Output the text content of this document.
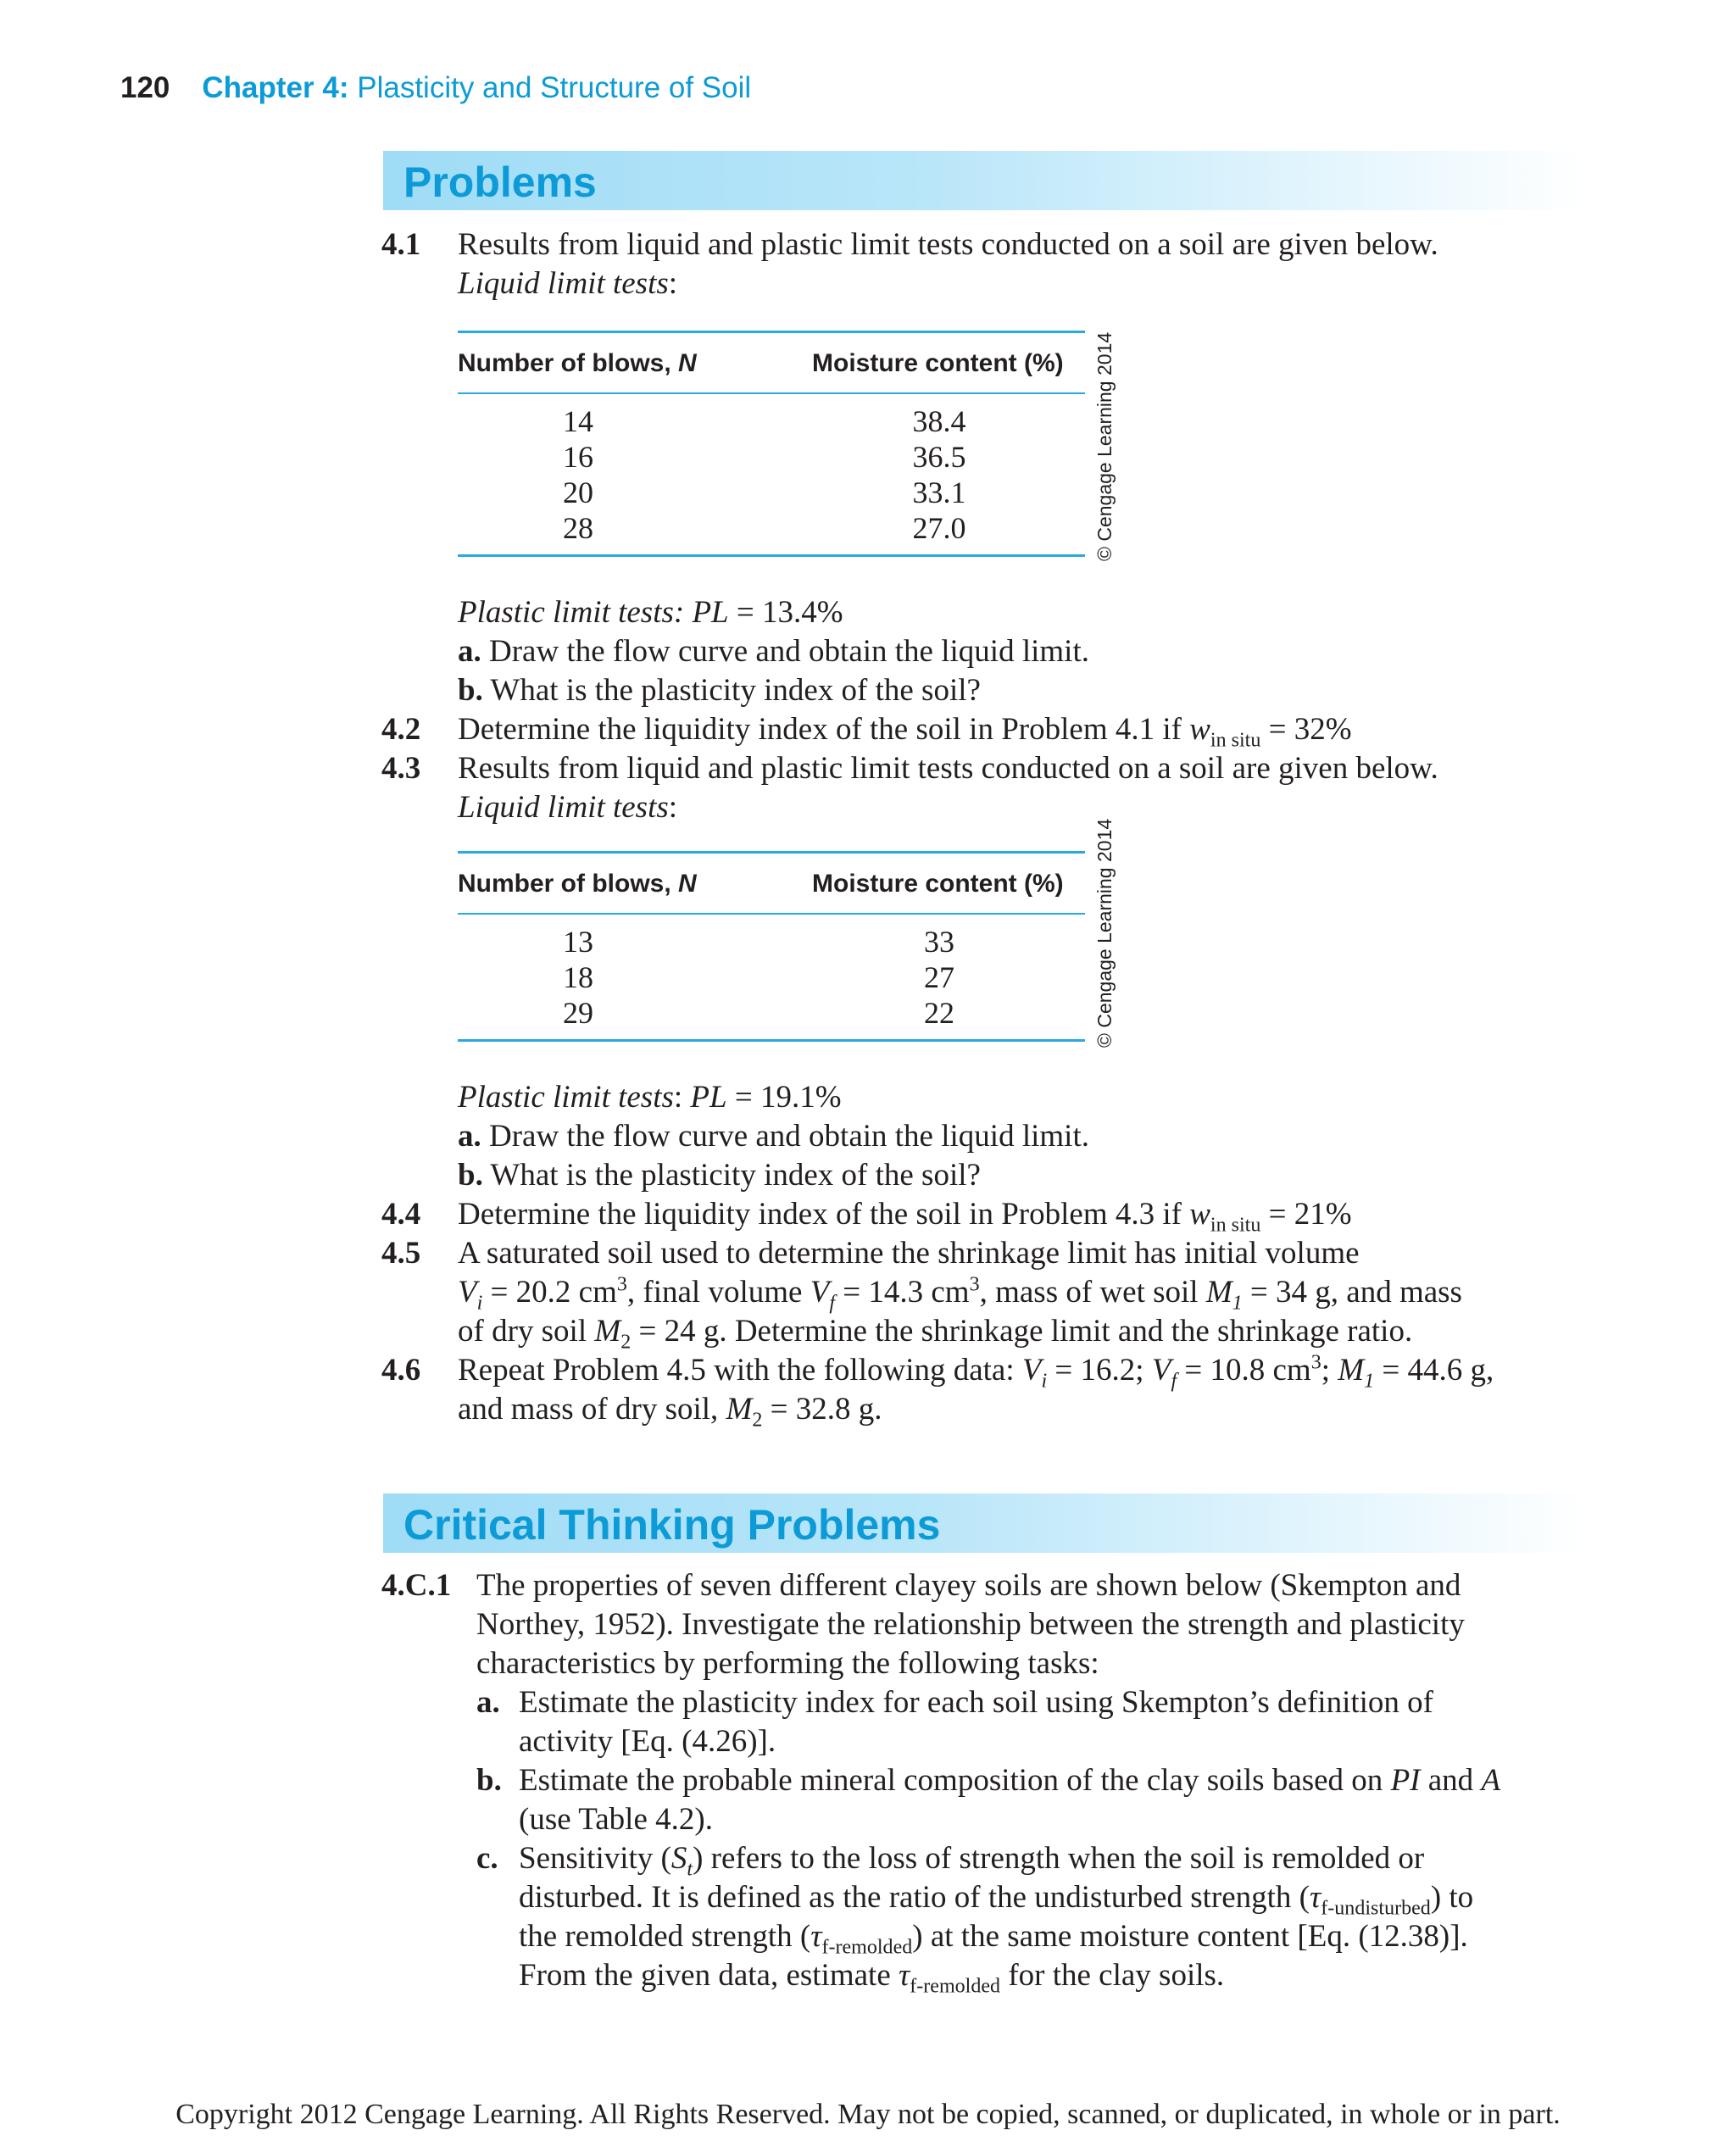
120 Chapter 4: Plasticity and Structure of Soil
Problems
4.1 Results from liquid and plastic limit tests conducted on a soil are given below.
Liquid limit tests:
Number of blows, N	Moisture content (%)
14	38.4
16	36.5
20	33.1
28	27.0	© Cengage Learning 2014
Plastic limit tests: PL = 13.4%
a. Draw the flow curve and obtain the liquid limit.
b. What is the plasticity index of the soil?
4.2 Determine the liquidity index of the soil in Problem 4.1 if $w_{in situ} = 32\%$
4.3 Results from liquid and plastic limit tests conducted on a soil are given below.
Liquid limit tests:
Number of blows, N	Moisture content (%)
13	33
18	27
29	22	© Cengage Learning 2014
Plastic limit tests: PL = 19.1%
a. Draw the flow curve and obtain the liquid limit.
b. What is the plasticity index of the soil?
4.4 Determine the liquidity index of the soil in Problem 4.3 if $w_{in situ} = 21\%$
4.5 A saturated soil used to determine the shrinkage limit has initial volume
$V_i = 20.2$ $cm^3$, final volume $V_f = 14.3$ $cm^3$, mass of wet soil $M_1 = 34$ g, and mass
of dry soil $M_2 = 24$ g. Determine the shrinkage limit and the shrinkage ratio.
4.6 Repeat Problem 4.5 with the following data: $V_i = 16.2$; $V_f = 10.8$ $cm^3$; $M_1 = 44.6$ g,
and mass of dry soil, $M_2 = 32.8$ g.
Critical Thinking Problems
4.C.1 The properties of seven different clayey soils are shown below (Skempton and
Northey, 1952). Investigate the relationship between the strength and plasticity
characteristics by performing the following tasks:
a. Estimate the plasticity index for each soil using Skempton’s definition of
activity [Eq. (4.26)].
b. Estimate the probable mineral composition of the clay soils based on PI and A
(use Table 4.2).
c. Sensitivity $(S_t)$ refers to the loss of strength when the soil is remolded or
disturbed. It is defined as the ratio of the undisturbed strength $(\tau_{f-undisturbed})$ to
the remolded strength $(\tau_{f-remolded})$ at the same moisture content [Eq. (12.38)].
From the given data, estimate $\tau_{f-remolded}$ for the clay soils.
Copyright 2012 Cengage Learning. All Rights Reserved. May not be copied, scanned, or duplicated, in whole or in part.
